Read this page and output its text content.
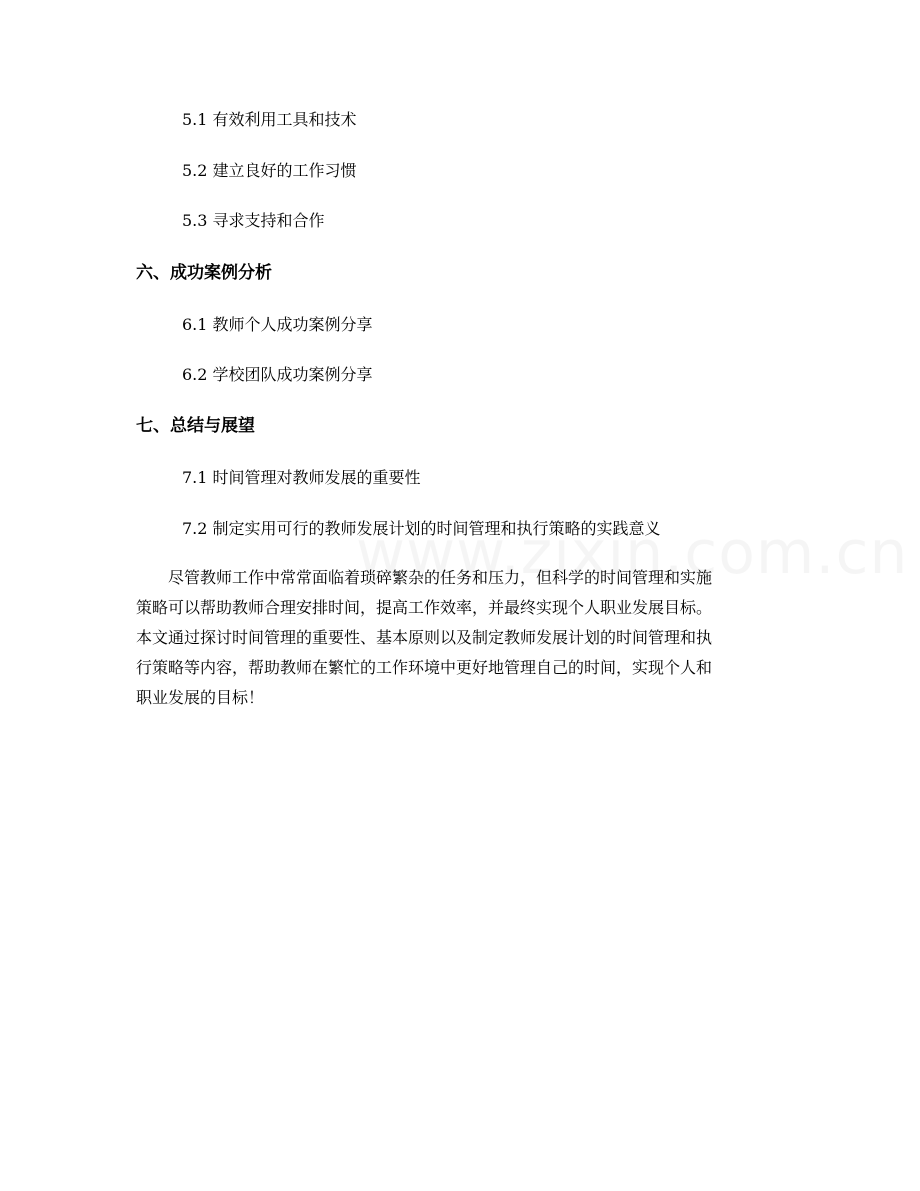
5.1 有效利用工具和技术
5.2 建立良好的工作习惯
5.3 寻求支持和合作
六、成功案例分析
6.1 教师个人成功案例分享
6.2 学校团队成功案例分享
七、总结与展望
7.1 时间管理对教师发展的重要性
7.2 制定实用可行的教师发展计划的时间管理和执行策略的实践意义
尽管教师工作中常常面临着琐碎繁杂的任务和压力，但科学的时间管理和实施
策略可以帮助教师合理安排时间，提高工作效率，并最终实现个人职业发展目标。
本文通过探讨时间管理的重要性、基本原则以及制定教师发展计划的时间管理和执
行策略等内容，帮助教师在繁忙的工作环境中更好地管理自己的时间，实现个人和
职业发展的目标！
